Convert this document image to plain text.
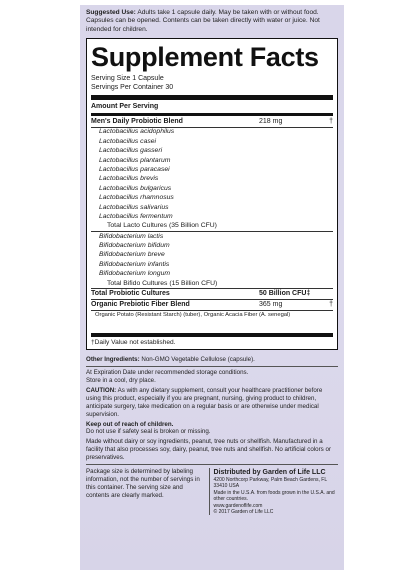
Suggested Use: Adults take 1 capsule daily. May be taken with or without food. Capsules can be opened. Contents can be taken directly with water or juice. Not intended for children.
Supplement Facts
Serving Size 1 Capsule
Servings Per Container 30
Amount Per Serving
Men's Daily Probiotic Blend	218 mg	†
Lactobacillus acidophilus
Lactobacillus casei
Lactobacillus gasseri
Lactobacillus plantarum
Lactobacillus paracasei
Lactobacillus brevis
Lactobacillus bulgaricus
Lactobacillus rhamnosus
Lactobacillus salivarius
Lactobacillus fermentum
Total Lacto Cultures (35 Billion CFU)
Bifidobacterium lactis
Bifidobacterium bifidum
Bifidobacterium breve
Bifidobacterium infantis
Bifidobacterium longum
Total Bifido Cultures (15 Billion CFU)
Total Probiotic Cultures	50 Billion CFU‡
Organic Prebiotic Fiber Blend	365 mg	†
Organic Potato (Resistant Starch) (tuber), Organic Acacia Fiber (A. senegal)
†Daily Value not established.

Other Ingredients: Non-GMO Vegetable Cellulose (capsule).

At Expiration Date under recommended storage conditions.

Store in a cool, dry place.

CAUTION: As with any dietary supplement, consult your healthcare practitioner before using this product, especially if you are pregnant, nursing, giving product to children, anticipate surgery, take medication on a regular basis or are otherwise under medical supervision.

Keep out of reach of children.

Do not use if safety seal is broken or missing.

Made without dairy or soy ingredients, peanut, tree nuts or shellfish. Manufactured in a facility that also processes soy, dairy, peanut, tree nuts and shellfish. No artificial colors or preservatives.

Package size is determined by labeling information, not the number of servings in this container. The serving size and contents are clearly marked.
Distributed by Garden of Life LLC
4200 Northcorp Parkway, Palm Beach Gardens, FL 33410 USA
Made in the U.S.A. from foods grown in the U.S.A. and other countries.
www.gardenoflife.com
© 2017 Garden of Life LLC
